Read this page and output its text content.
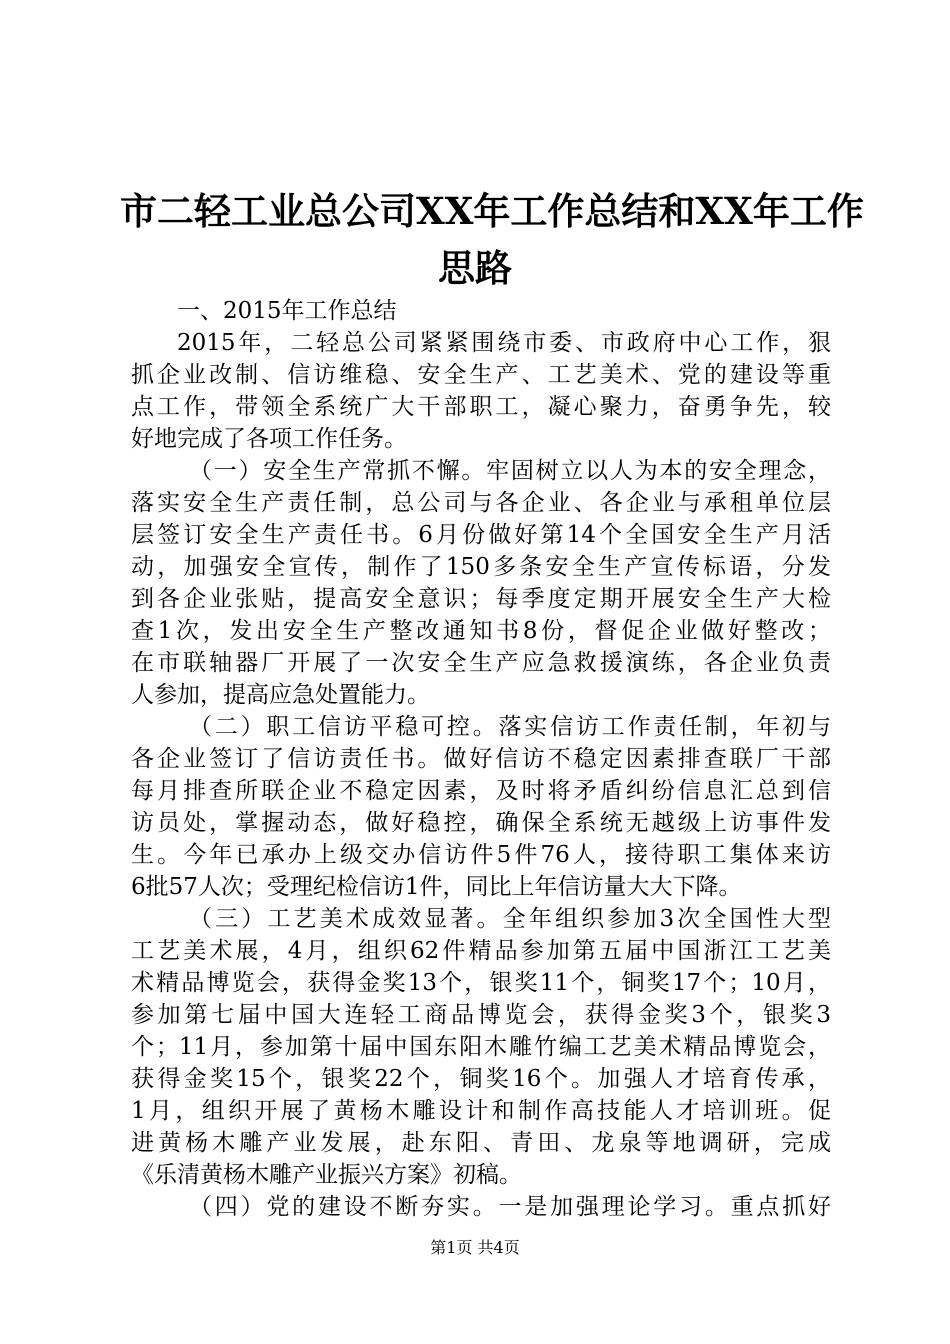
市二轻工业总公司XX年工作总结和XX年工作
思路
一、2015年工作总结
2015年，二轻总公司紧紧围绕市委、市政府中心工作，狠
抓企业改制、信访维稳、安全生产、工艺美术、党的建设等重
点工作，带领全系统广大干部职工，凝心聚力，奋勇争先，较
好地完成了各项工作任务。
（一）安全生产常抓不懈。牢固树立以人为本的安全理念，
落实安全生产责任制，总公司与各企业、各企业与承租单位层
层签订安全生产责任书。6月份做好第14个全国安全生产月活
动，加强安全宣传，制作了150多条安全生产宣传标语，分发
到各企业张贴，提高安全意识；每季度定期开展安全生产大检
查1次，发出安全生产整改通知书8份，督促企业做好整改；
在市联轴器厂开展了一次安全生产应急救援演练，各企业负责
人参加，提高应急处置能力。
（二）职工信访平稳可控。落实信访工作责任制，年初与
各企业签订了信访责任书。做好信访不稳定因素排查联厂干部
每月排查所联企业不稳定因素，及时将矛盾纠纷信息汇总到信
访员处，掌握动态，做好稳控，确保全系统无越级上访事件发
生。今年已承办上级交办信访件5件76人，接待职工集体来访
6批57人次；受理纪检信访1件，同比上年信访量大大下降。
（三）工艺美术成效显著。全年组织参加3次全国性大型
工艺美术展，4月，组织62件精品参加第五届中国浙江工艺美
术精品博览会，获得金奖13个，银奖11个，铜奖17个；10月，
参加第七届中国大连轻工商品博览会，获得金奖3个，银奖3
个；11月，参加第十届中国东阳木雕竹编工艺美术精品博览会，
获得金奖15个，银奖22个，铜奖16个。加强人才培育传承，
1月，组织开展了黄杨木雕设计和制作高技能人才培训班。促
进黄杨木雕产业发展，赴东阳、青田、龙泉等地调研，完成
《乐清黄杨木雕产业振兴方案》初稿。
（四）党的建设不断夯实。一是加强理论学习。重点抓好
第1页 共4页
